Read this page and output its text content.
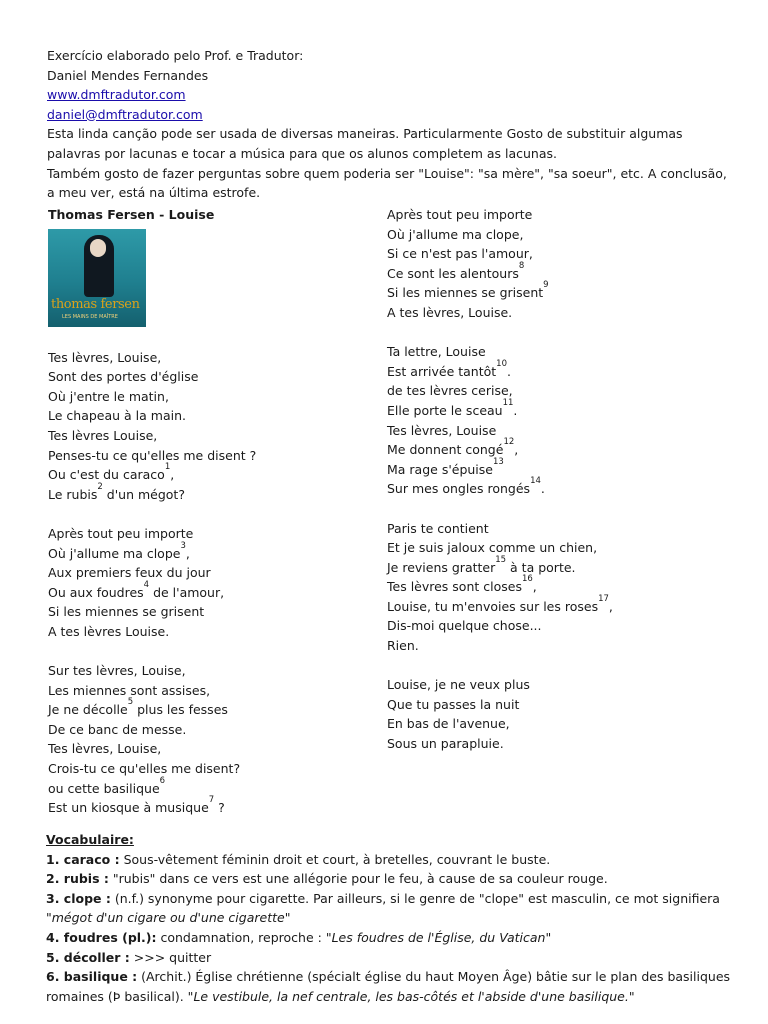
Exercício elaborado pelo Prof. e Tradutor:
Daniel Mendes Fernandes
www.dmftradutor.com
daniel@dmftradutor.com
Esta linda canção pode ser usada de diversas maneiras. Particularmente Gosto de substituir algumas palavras por lacunas e tocar a música para que os alunos completem as lacunas.
Também gosto de fazer perguntas sobre quem poderia ser "Louise": "sa mère", "sa soeur", etc. A conclusão, a meu ver, está na última estrofe.
Thomas Fersen - Louise
thomas fersen
LES MAINS DE MAÎTRE
Tes lèvres, Louise,
Sont des portes d'église
Où j'entre le matin,
Le chapeau à la main.
Tes lèvres Louise,
Penses-tu ce qu'elles me disent ?
Ou c'est du caraco$^1$,
Le rubis$^2$ d'un mégot?
Après tout peu importe
Où j'allume ma clope$^3$,
Aux premiers feux du jour
Ou aux foudres$^4$ de l'amour,
Si les miennes se grisent
A tes lèvres Louise.
Sur tes lèvres, Louise,
Les miennes sont assises,
Je ne décolle$^5$ plus les fesses
De ce banc de messe.
Tes lèvres, Louise,
Crois-tu ce qu'elles me disent?
ou cette basilique$^6$
Est un kiosque à musique$^7$ ?
Après tout peu importe
Où j'allume ma clope,
Si ce n'est pas l'amour,
Ce sont les alentours$^8$
Si les miennes se grisent$^9$
A tes lèvres, Louise.
Ta lettre, Louise
Est arrivée tantôt$^{10}$.
de tes lèvres cerise,
Elle porte le sceau$^{11}$.
Tes lèvres, Louise
Me donnent congé$^{12}$,
Ma rage s'épuise$^{13}$
Sur mes ongles rongés$^{14}$.
Paris te contient
Et je suis jaloux comme un chien,
Je reviens gratter$^{15}$ à ta porte.
Tes lèvres sont closes$^{16}$,
Louise, tu m'envoies sur les roses$^{17}$,
Dis-moi quelque chose...
Rien.
Louise, je ne veux plus
Que tu passes la nuit
En bas de l'avenue,
Sous un parapluie.
Vocabulaire:
1. caraco : Sous-vêtement féminin droit et court, à bretelles, couvrant le buste.
2. rubis : "rubis" dans ce vers est une allégorie pour le feu, à cause de sa couleur rouge.
3. clope : (n.f.) synonyme pour cigarette. Par ailleurs, si le genre de "clope" est masculin, ce mot signifiera "mégot d'un cigare ou d'une cigarette"
4. foudres (pl.): condamnation, reproche : "Les foudres de l'Église, du Vatican"
5. décoller : >>> quitter
6. basilique : (Archit.) Église chrétienne (spécialt église du haut Moyen Âge) bâtie sur le plan des basiliques romaines (Þ basilical). "Le vestibule, la nef centrale, les bas-côtés et l'abside d'une basilique."
